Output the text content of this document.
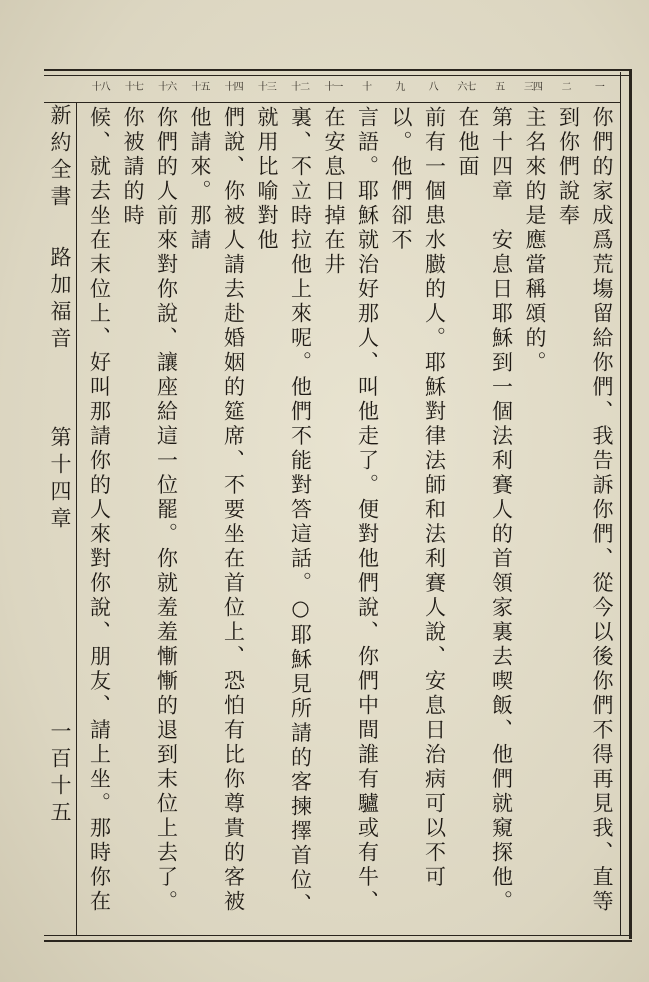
一
二
三四
五
六七
八
九
十
十一
十二
十三
十四
十五
十六
十七
十八
新約全書
路加福音
第十四章
一百十五	你們的家成爲荒塲留給你們、我告訴你們、從今以後你們不得再見我、直等到你們說奉
主名來的是應當稱頌的。
第十四章　安息日耶穌到一個法利賽人的首領家裏去喫飯、他們就窺探他。在他面
前有一個患水臌的人。耶穌對律法師和法利賽人說、安息日治病可以不可以。他們卻不
言語。耶穌就治好那人、叫他走了。便對他們說、你們中間誰有驢或有牛、在安息日掉在井
裏、不立時拉他上來呢。他們不能對答這話。○耶穌見所請的客揀擇首位、就用比喻對他
們說、你被人請去赴婚姻的筵席、不要坐在首位上、恐怕有比你尊貴的客被他請來。那請
你們的人前來對你說、讓座給這一位罷。你就羞羞慚慚的退到末位上去了。你被請的時
候、就去坐在末位上、好叫那請你的人來對你說、朋友、請上坐。那時你在
